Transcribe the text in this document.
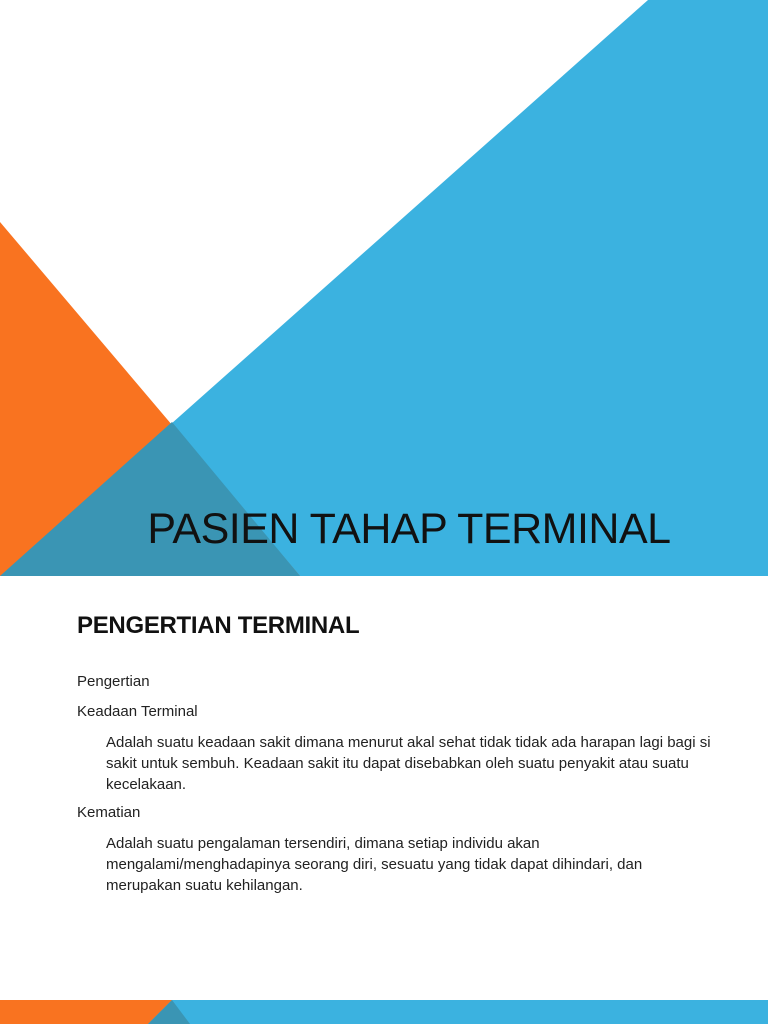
PASIEN TAHAP TERMINAL
PENGERTIAN TERMINAL
Pengertian
Keadaan Terminal
Adalah suatu keadaan sakit dimana menurut akal sehat tidak tidak ada harapan lagi bagi si sakit untuk sembuh. Keadaan sakit itu dapat disebabkan oleh suatu penyakit atau suatu kecelakaan.
Kematian
Adalah suatu pengalaman tersendiri, dimana setiap individu akan mengalami/menghadapinya seorang diri, sesuatu yang tidak dapat dihindari, dan merupakan suatu kehilangan.
